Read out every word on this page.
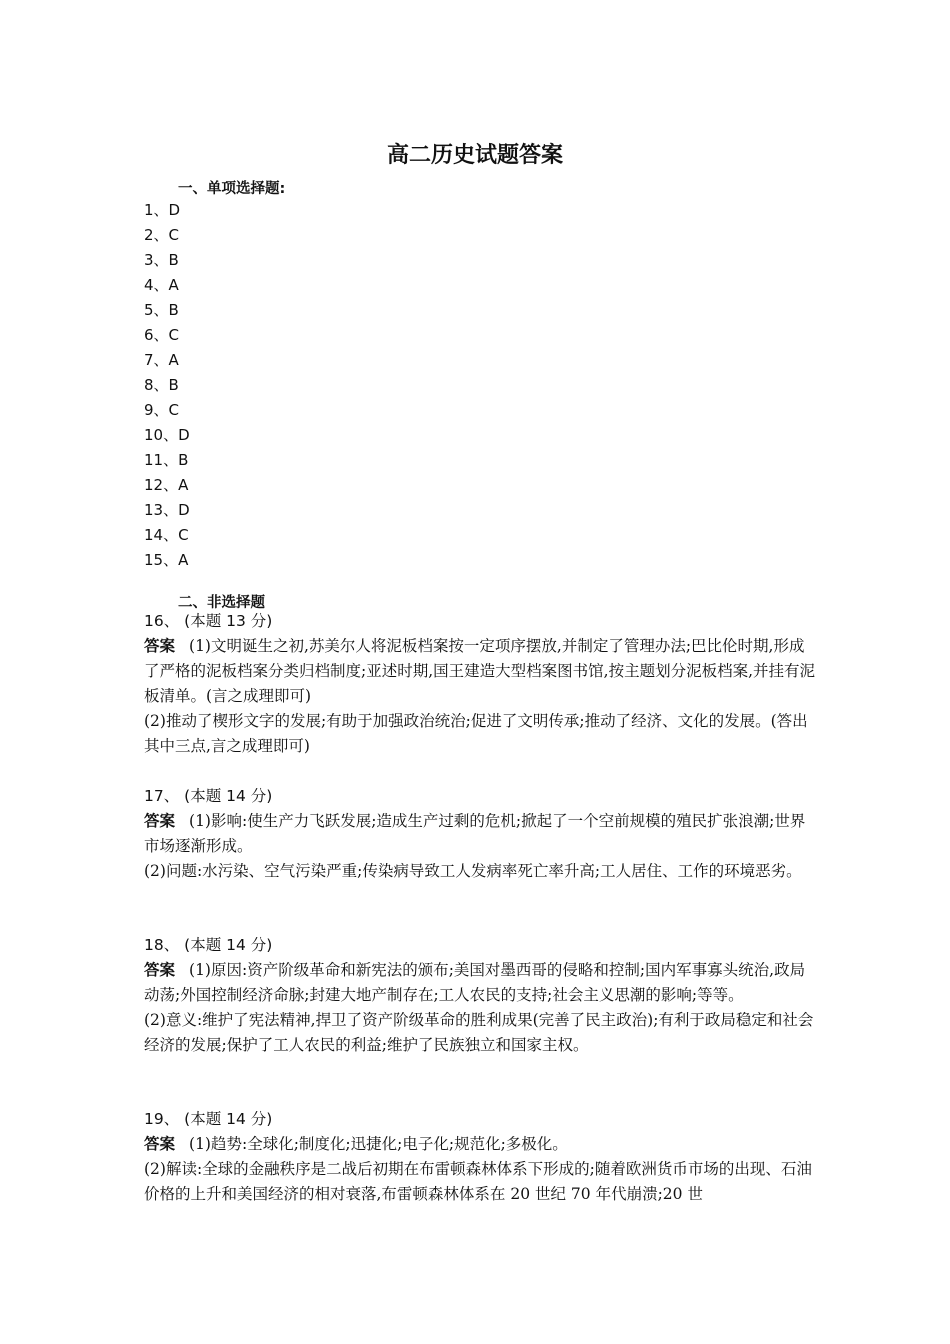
高二历史试题答案
一、单项选择题:
1、D
2、C
3、B
4、A
5、B
6、C
7、A
8、B
9、C
10、D
11、B
12、A
13、D
14、C
15、A
二、非选择题
16、 (本题 13 分)

答案 (1)文明诞生之初,苏美尔人将泥板档案按一定项序摆放,并制定了管理办法;巴比伦时期,形成了严格的泥板档案分类归档制度;亚述时期,国王建造大型档案图书馆,按主题划分泥板档案,并挂有泥板清单。(言之成理即可)

(2)推动了楔形文字的发展;有助于加强政治统治;促进了文明传承;推动了经济、文化的发展。(答出其中三点,言之成理即可)

17、 (本题 14 分)

答案 (1)影响:使生产力飞跃发展;造成生产过剩的危机;掀起了一个空前规模的殖民扩张浪潮;世界市场逐渐形成。

(2)问题:水污染、空气污染严重;传染病导致工人发病率死亡率升高;工人居住、工作的环境恶劣。

18、 (本题 14 分)

答案 (1)原因:资产阶级革命和新宪法的颁布;美国对墨西哥的侵略和控制;国内军事寡头统治,政局动荡;外国控制经济命脉;封建大地产制存在;工人农民的支持;社会主义思潮的影响;等等。

(2)意义:维护了宪法精神,捍卫了资产阶级革命的胜利成果(完善了民主政治);有利于政局稳定和社会经济的发展;保护了工人农民的利益;维护了民族独立和国家主权。

19、 (本题 14 分)

答案 (1)趋势:全球化;制度化;迅捷化;电子化;规范化;多极化。

(2)解读:全球的金融秩序是二战后初期在布雷顿森林体系下形成的;随着欧洲货币市场的出现、石油价格的上升和美国经济的相对衰落,布雷顿森林体系在 20 世纪 70 年代崩溃;20 世
